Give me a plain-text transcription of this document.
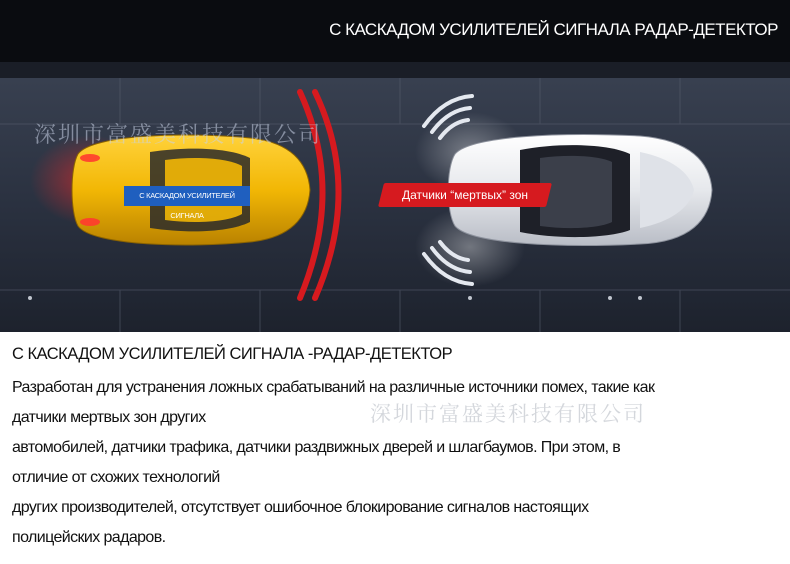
С КАСКАДОМ УСИЛИТЕЛЕЙ СИГНАЛА РАДАР-ДЕТЕКТОР
С КАСКАДОМ УСИЛИТЕЛЕЙ СИГНАЛА
Датчики “мертвых” зон
深圳市富盛美科技有限公司
С КАСКАДОМ УСИЛИТЕЛЕЙ СИГНАЛА -РАДАР-ДЕТЕКТОР

Разработан для устранения ложных срабатываний на различные источники помех, такие как

датчики мертвых зон других

автомобилей, датчики трафика, датчики раздвижных дверей и шлагбаумов. При этом, в

отличие от схожих технологий

других производителей, отсутствует ошибочное блокирование сигналов настоящих

полицейских радаров.

深圳市富盛美科技有限公司
